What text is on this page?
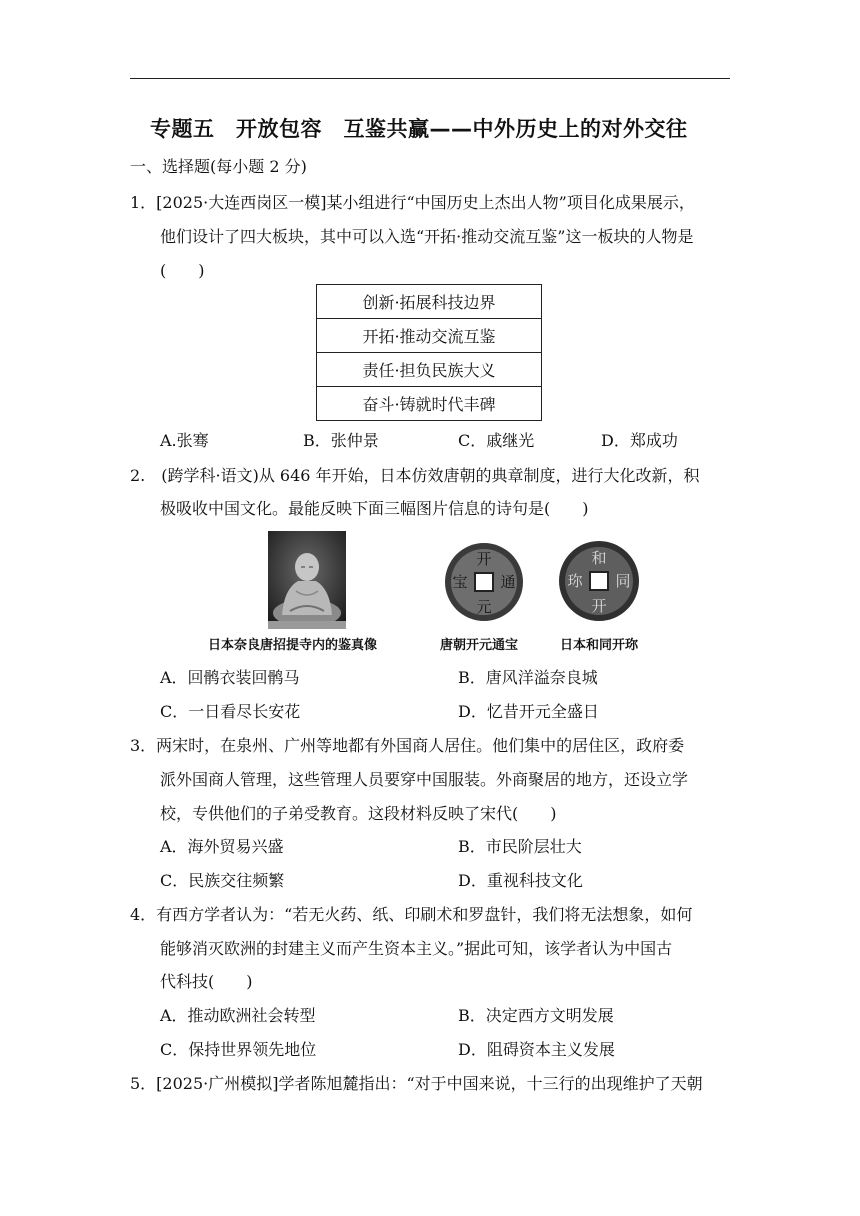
专题五　开放包容　互鉴共赢——中外历史上的对外交往
一、选择题(每小题 2 分)
1．[2025·大连西岗区一模]某小组进行“中国历史上杰出人物”项目化成果展示，
他们设计了四大板块，其中可以入选“开拓·推动交流互鉴”这一板块的人物是
(　　)
创新·拓展科技边界
开拓·推动交流互鉴
责任·担负民族大义
奋斗·铸就时代丰碑
A.张骞	B．张仲景	C．戚继光	D．郑成功
2.　(跨学科·语文)从 646 年开始，日本仿效唐朝的典章制度，进行大化改新，积
极吸收中国文化。最能反映下面三幅图片信息的诗句是(　　)
开
通
元
宝
和
同
开
珎
日本奈良唐招提寺内的鉴真像	唐朝开元通宝	日本和同开珎
A．回鹘衣装回鹘马	B．唐风洋溢奈良城
C．一日看尽长安花	D．忆昔开元全盛日
3．两宋时，在泉州、广州等地都有外国商人居住。他们集中的居住区，政府委
派外国商人管理，这些管理人员要穿中国服装。外商聚居的地方，还设立学
校，专供他们的子弟受教育。这段材料反映了宋代(　　)
A．海外贸易兴盛	B．市民阶层壮大
C．民族交往频繁	D．重视科技文化
4．有西方学者认为：“若无火药、纸、印刷术和罗盘针，我们将无法想象，如何
能够消灭欧洲的封建主义而产生资本主义。”据此可知，该学者认为中国古
代科技(　　)
A．推动欧洲社会转型	B．决定西方文明发展
C．保持世界领先地位	D．阻碍资本主义发展
5．[2025·广州模拟]学者陈旭麓指出：“对于中国来说，十三行的出现维护了天朝
